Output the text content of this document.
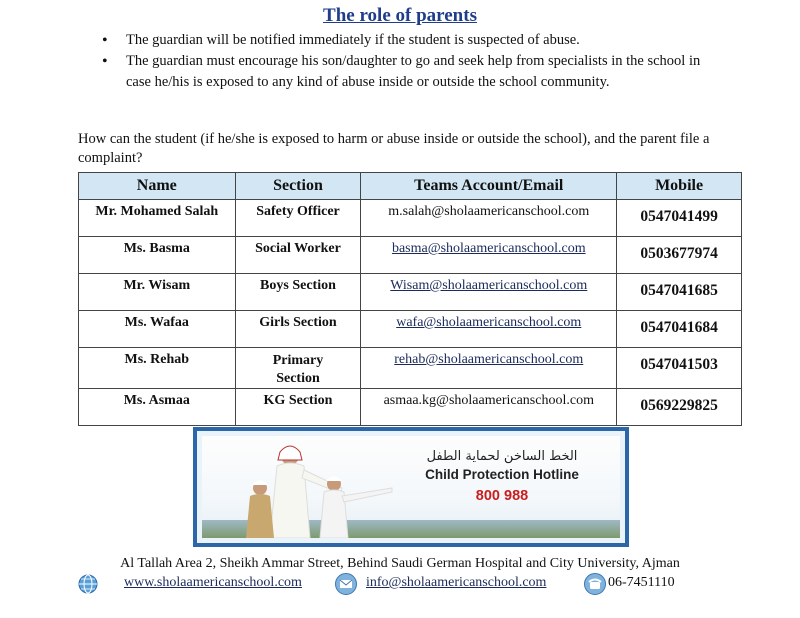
The role of parents
• The guardian will be notified immediately if the student is suspected of abuse.
• The guardian must encourage his son/daughter to go and seek help from specialists in the school in case he/his is exposed to any kind of abuse inside or outside the school community.
How can the student (if he/she is exposed to harm or abuse inside or outside the school), and the parent file a complaint?
Name	Section	Teams Account/Email	Mobile
Mr. Mohamed Salah	Safety Officer	m.salah@sholaamericanschool.com	0547041499
Ms. Basma	Social Worker	basma@sholaamericanschool.com	0503677974
Mr. Wisam	Boys Section	Wisam@sholaamericanschool.com	0547041685
Ms. Wafaa	Girls Section	wafa@sholaamericanschool.com	0547041684
Ms. Rehab	Primary Section	rehab@sholaamericanschool.com	0547041503
Ms. Asmaa	KG Section	asmaa.kg@sholaamericanschool.com	0569229825
الخط الساخن لحماية الطفل
Child Protection Hotline
800 988
Al Tallah Area 2, Sheikh Ammar Street, Behind Saudi German Hospital and City University, Ajman
www.sholaamericanschool.com	info@sholaamericanschool.com	06-7451110
